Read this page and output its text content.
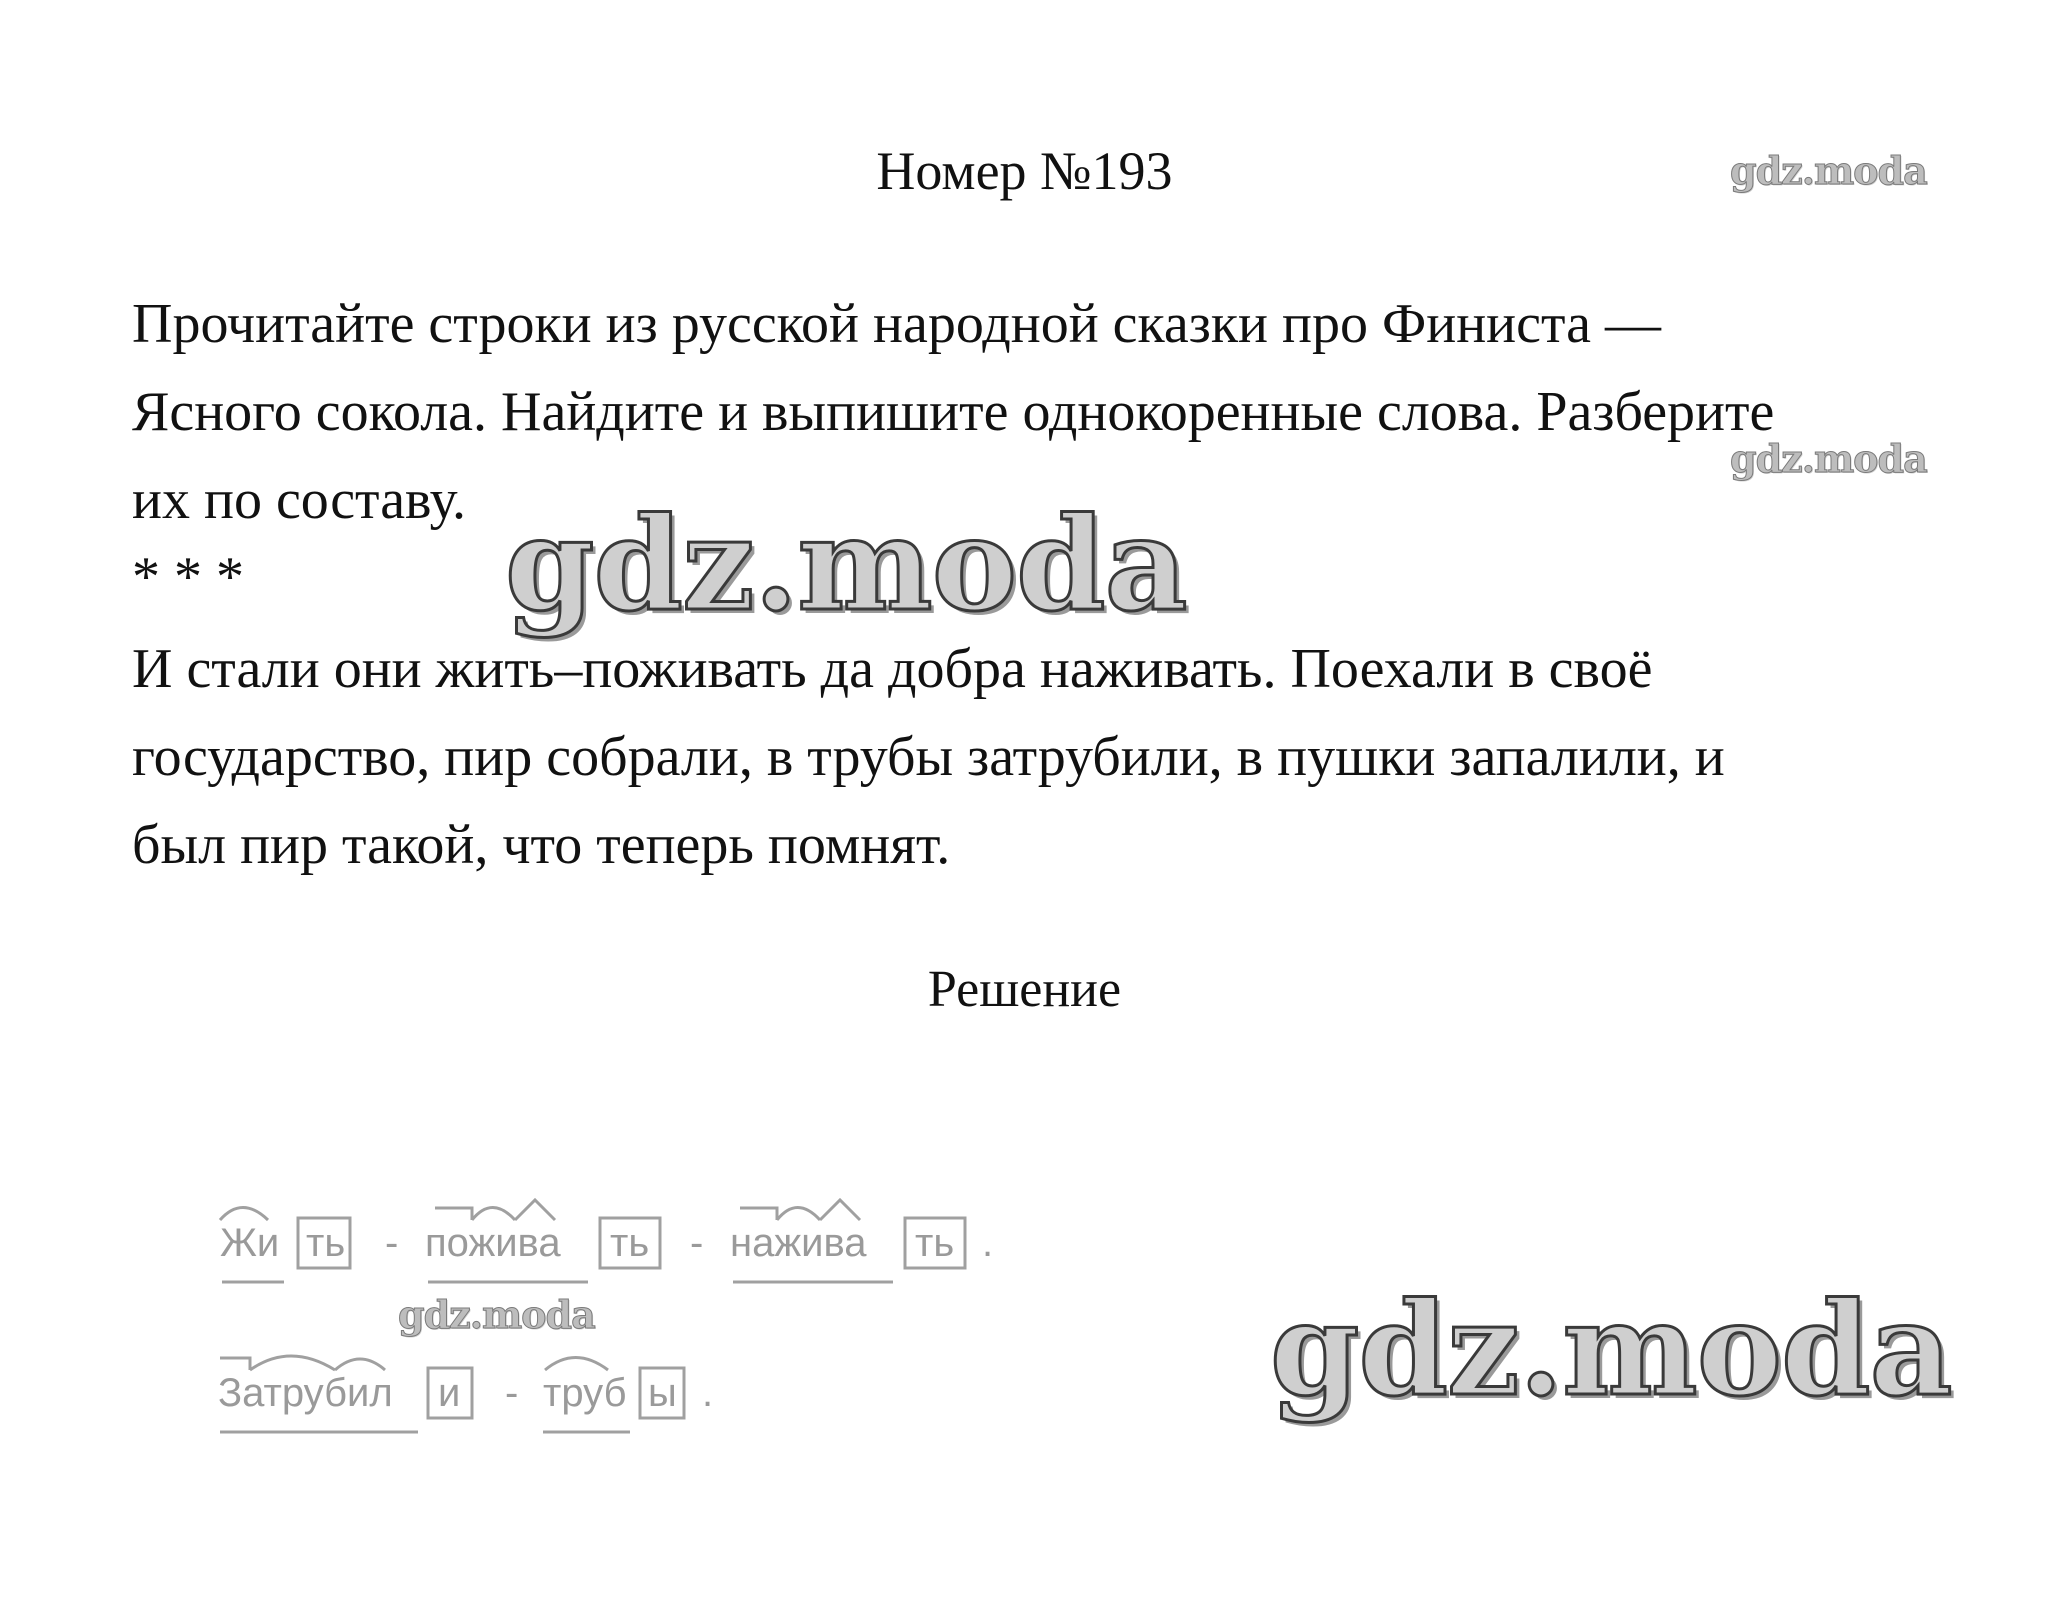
Номер №193

Прочитайте строки из русской народной сказки про Финиста —

Ясного сокола. Найдите и выпишите однокоренные слова. Разберите

их по составу.

* * *

И стали они жить–поживать да добра наживать. Поехали в своё

государство, пир собрали, в трубы затрубили, в пушки запалили, и

был пир такой, что теперь помнят.

Решение
Жи ть - пожива ть - нажива ть .
Затрубил и - труб ы .
gdz.moda
gdz.moda
gdz.moda
gdz.moda
gdz.moda
